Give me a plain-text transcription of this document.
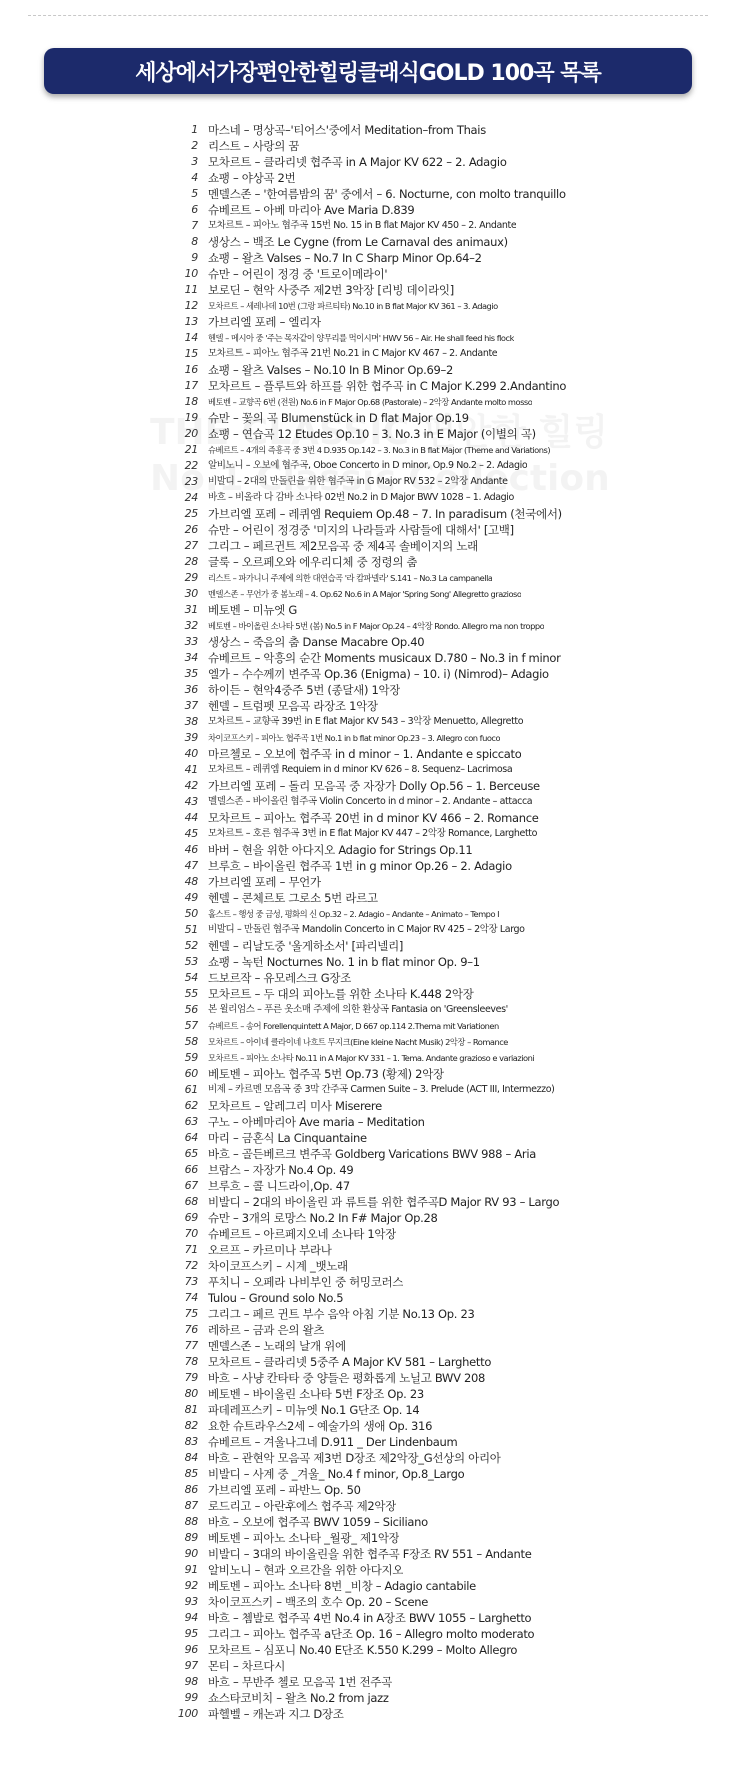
세상에서가장편안한힐링클래식GOLD 100곡 목록
1 마스네 – 명상곡–'티어스'중에서 Meditation–from Thais
2 리스트 – 사랑의 꿈
3 모차르트 – 클라리넷 협주곡 in A Major KV 622 – 2. Adagio
4 쇼팽 – 야상곡 2번
5 멘델스존 – '한여름밤의 꿈' 중에서 – 6. Nocturne, con molto tranquillo
6 슈베르트 – 아베 마리아 Ave Maria D.839
7	모차르트 – 피아노 협주곡 15번 No. 15 in B flat Major KV 450 – 2. Andante
8 생상스 – 백조 Le Cygne (from Le Carnaval des animaux)
9 쇼팽 – 왈츠 Valses – No.7 In C Sharp Minor Op.64–2
10 슈만 – 어린이 정경 중 '트로이메라이'
11 보로딘 – 현악 사중주 제2번 3악장 [리빙 데이라잇]
12	모차르트 – 세레나데 10번 (그랑 파르티타) No.10 in B flat Major KV 361 – 3. Adagio
13 가브리엘 포레 – 엘리자
14	헨델 – 메시아 중 '주는 목자같이 양무리를 먹이시며' HWV 56 – Air. He shall feed his flock
15	모차르트 – 피아노 협주곡 21번 No.21 in C Major KV 467 – 2. Andante
16 쇼팽 – 왈츠 Valses – No.10 In B Minor Op.69–2
17 모차르트 – 플루트와 하프를 위한 협주곡 in C Major K.299 2.Andantino
18	베토벤 – 교향곡 6번 (전원) No.6 in F Major Op.68 (Pastorale) – 2악장 Andante molto mosso
19 슈만 – 꽃의 곡 Blumenstück in D flat Major Op.19
20 쇼팽 – 연습곡 12 Etudes Op.10 – 3. No.3 in E Major (이별의 곡)
21	슈베르트 – 4개의 즉흥곡 중 3번 4 D.935 Op.142 – 3. No.3 in B flat Major (Theme and Variations)
22	알비노니 – 오보에 협주곡, Oboe Concerto in D minor, Op.9 No.2 – 2. Adagio
23	비발디 – 2대의 만돌린을 위한 협주곡 in G Major RV 532 – 2악장 Andante
24	바흐 – 비올라 다 감바 소나타 02번 No.2 in D Major BWV 1028 – 1. Adagio
25 가브리엘 포레 – 레퀴엠 Requiem Op.48 – 7. In paradisum (천국에서)
26 슈만 – 어린이 정경중 '미지의 나라들과 사람들에 대해서' [고백]
27 그리그 – 페르귄트 제2모음곡 중 제4곡 솔베이지의 노래
28 글룩 – 오르페오와 에우리디체 중 정령의 춤
29	리스트 – 파가니니 주제에 의한 대연습곡 '라 캄파넬라' S.141 – No.3 La campanella
30	멘델스존 – 무언가 중 봄노래 – 4. Op.62 No.6 in A Major 'Spring Song' Allegretto grazioso
31 베토벤 – 미뉴엣 G
32	베토벤 – 바이올린 소나타 5번 (봄) No.5 in F Major Op.24 – 4악장 Rondo. Allegro ma non troppo
33 생상스 – 죽음의 춤 Danse Macabre Op.40
34 슈베르트 – 악흥의 순간 Moments musicaux D.780 – No.3 in f minor
35 엘가 – 수수께끼 변주곡 Op.36 (Enigma) – 10. i) (Nimrod)– Adagio
36 하이든 – 현악4중주 5번 (종달새) 1악장
37 헨델 – 트럼펫 모음곡 라장조 1악장
38	모차르트 – 교향곡 39번 in E flat Major KV 543 – 3악장 Menuetto, Allegretto
39	차이코프스키 – 피아노 협주곡 1번 No.1 in b flat minor Op.23 – 3. Allegro con fuoco
40 마르첼로 – 오보에 협주곡 in d minor – 1. Andante e spiccato
41	모차르트 – 레퀴엠 Requiem in d minor KV 626 – 8. Sequenz– Lacrimosa
42 가브리엘 포레 – 돌리 모음곡 중 자장가 Dolly Op.56 – 1. Berceuse
43	멜델스존 – 바이올린 협주곡 Violin Concerto in d minor – 2. Andante – attacca
44 모차르트 – 피아노 협주곡 20번 in d minor KV 466 – 2. Romance
45	모차르트 – 호른 협주곡 3번 in E flat Major KV 447 – 2악장 Romance, Larghetto
46 바버 – 현을 위한 아다지오 Adagio for Strings Op.11
47 브루흐 – 바이올린 협주곡 1번 in g minor Op.26 – 2. Adagio
48 가브리엘 포레 – 무언가
49 헨델 – 콘체르토 그로소 5번 라르고
50	홀스트 – 행성 중 금성, 평화의 신 Op.32 – 2. Adagio – Andante – Animato – Tempo I
51	비발디 – 만돌린 협주곡 Mandolin Concerto in C Major RV 425 – 2악장 Largo
52 헨델 – 리날도중 '울게하소서' [파리넬리]
53 쇼팽 – 녹턴 Nocturnes No. 1 in b flat minor Op. 9–1
54 드보르작 – 유모레스크 G장조
55 모차르트 – 두 대의 피아노를 위한 소나타 K.448 2악장
56	본 윌리엄스 – 푸른 옷소매 주제에 의한 환상곡 Fantasia on 'Greensleeves'
57	슈베르트 – 송어 Forellenquintett A Major, D 667 op.114 2.Thema mit Variationen
58	모차르트 – 아이네 클라이네 나흐트 무지크(Eine kleine Nacht Musik) 2악장 – Romance
59	모차르트 – 피아노 소나타 No.11 in A Major KV 331 – 1. Tema. Andante grazioso e variazioni
60 베토벤 – 피아노 협주곡 5번 Op.73 (황제) 2악장
61	비제 – 카르멘 모음곡 중 3막 간주곡 Carmen Suite – 3. Prelude (ACT III, Intermezzo)
62 모차르트 – 알레그리 미사 Miserere
63 구노 – 아베마리아 Ave maria – Meditation
64 마리 – 금혼식 La Cinquantaine
65 바흐 – 골든베르크 변주곡 Goldberg Varications BWV 988 – Aria
66 브람스 – 자장가 No.4 Op. 49
67 브루흐 – 콜 니드라이,Op. 47
68 비발디 – 2대의 바이올린 과 류트를 위한 협주곡D Major RV 93 – Largo
69 슈만 – 3개의 로망스 No.2 In F# Major Op.28
70 슈베르트 – 아르페지오네 소나타 1악장
71 오르프 – 카르미나 부라나
72 차이코프스키 – 시계 _뱃노래
73 푸치니 – 오페라 나비부인 중 허밍코러스
74 Tulou – Ground solo No.5
75 그리그 – 페르 귄트 부수 음악 아침 기분 No.13 Op. 23
76 레하르 – 금과 은의 왈츠
77 멘델스존 – 노래의 날개 위에
78 모차르트 – 클라리넷 5중주 A Major KV 581 – Larghetto
79 바흐 – 사냥 칸타타 중 양들은 평화롭게 노닐고 BWV 208
80 베토벤 – 바이올린 소나타 5번 F장조 Op. 23
81 파데레프스키 – 미뉴엣 No.1 G단조 Op. 14
82 요한 슈트라우스2세 – 예술가의 생애 Op. 316
83 슈베르트 – 겨울나그네 D.911 _ Der Lindenbaum
84 바흐 – 관현악 모음곡 제3번 D장조 제2악장_G선상의 아리아
85 비발디 – 사계 중 _겨울_ No.4 f minor, Op.8_Largo
86 가브리엘 포레 – 파반느 Op. 50
87 로드리고 – 아란후에스 협주곡 제2악장
88 바흐 – 오보에 협주곡 BWV 1059 – Siciliano
89 베토벤 – 피아노 소나타 _월광_ 제1악장
90 비발디 – 3대의 바이올린을 위한 협주곡 F장조 RV 551 – Andante
91 알비노니 – 현과 오르간을 위한 아다지오
92 베토벤 – 피아노 소나타 8번 _비창 – Adagio cantabile
93 차이코프스키 – 백조의 호수 Op. 20 – Scene
94 바흐 – 쳄발로 협주곡 4번 No.4 in A장조 BWV 1055 – Larghetto
95 그리그 – 피아노 협주곡 a단조 Op. 16 – Allegro molto moderato
96 모차르트 – 심포니 No.40 E단조 K.550 K.299 – Molto Allegro
97 몬티 – 차르다시
98 바흐 – 무반주 첼로 모음곡 1번 전주곡
99 쇼스타코비치 – 왈츠 No.2 from jazz
100 파헬벨 – 캐논과 지그 D장조
